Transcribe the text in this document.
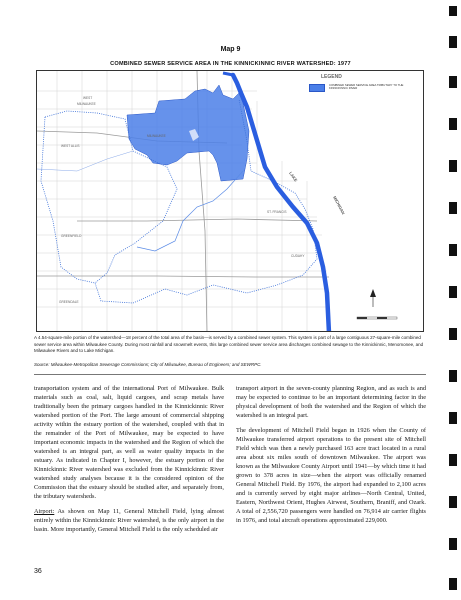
Map 9
COMBINED SEWER SERVICE AREA IN THE KINNICKINNIC RIVER WATERSHED: 1977
WEST
MILWAUKEE
WEST ALLIS
MILWAUKEE
ST. FRANCIS
CUDAHY
GREENFIELD
GREENDALE
LAKE
MICHIGAN
LEGEND
COMBINED SEWER SERVICE AREA TRIBUTARY TO THE KINNICKINNIC RIVER
A 4.54-square-mile portion of the watershed—18 percent of the total area of the basin—is served by a combined sewer system. This system is part of a large contiguous 27-square-mile combined sewer service area within Milwaukee County. During most rainfall and snowmelt events, this large combined sewer service area discharges combined sewage to the Kinnickinnic, Menomonee, and Milwaukee Rivers and to Lake Michigan.
Source: Milwaukee-Metropolitan Sewerage Commissions; City of Milwaukee, Bureau of Engineers; and SEWRPC.

transportation system and of the international Port of Milwaukee. Bulk materials such as coal, salt, liquid cargoes, and scrap metals have traditionally been the primary cargoes handled in the Kinnickinnic River watershed portion of the Port. The large amount of commercial shipping activity within the estuary portion of the watershed, coupled with that in the remainder of the Port of Milwaukee, may be expected to have important economic impacts in the watershed and the Region of which the watershed is an integral part, as well as water quality impacts in the estuary. As indicated in Chapter I, however, the estuary portion of the Kinnickinnic River watershed was excluded from the Kinnickinnic River watershed study analyses because it is the considered opinion of the Commission that the estuary should be studied after, and separately from, the tributary watersheds.

Airport: As shown on Map 11, General Mitchell Field, lying almost entirely within the Kinnickinnic River watershed, is the only airport in the basin. More importantly, General Mitchell Field is the only scheduled air

transport airport in the seven-county planning Region, and as such is and may be expected to continue to be an important determining factor in the physical development of both the watershed and the Region of which the watershed is an integral part.

The development of Mitchell Field began in 1926 when the County of Milwaukee transferred airport operations to the present site of Mitchell Field which was then a newly purchased 163 acre tract located in a rural area about six miles south of downtown Milwaukee. The airport was known as the Milwaukee County Airport until 1941—by which time it had grown to 378 acres in size—when the airport was officially renamed General Mitchell Field. By 1976, the airport had expanded to 2,100 acres and is currently served by eight major airlines—North Central, United, Eastern, Northwest Orient, Hughes Airwest, Southern, Braniff, and Ozark. A total of 2,556,720 passengers were handled on 76,914 air carrier flights in 1976, and total aircraft operations approximated 229,000.

36
